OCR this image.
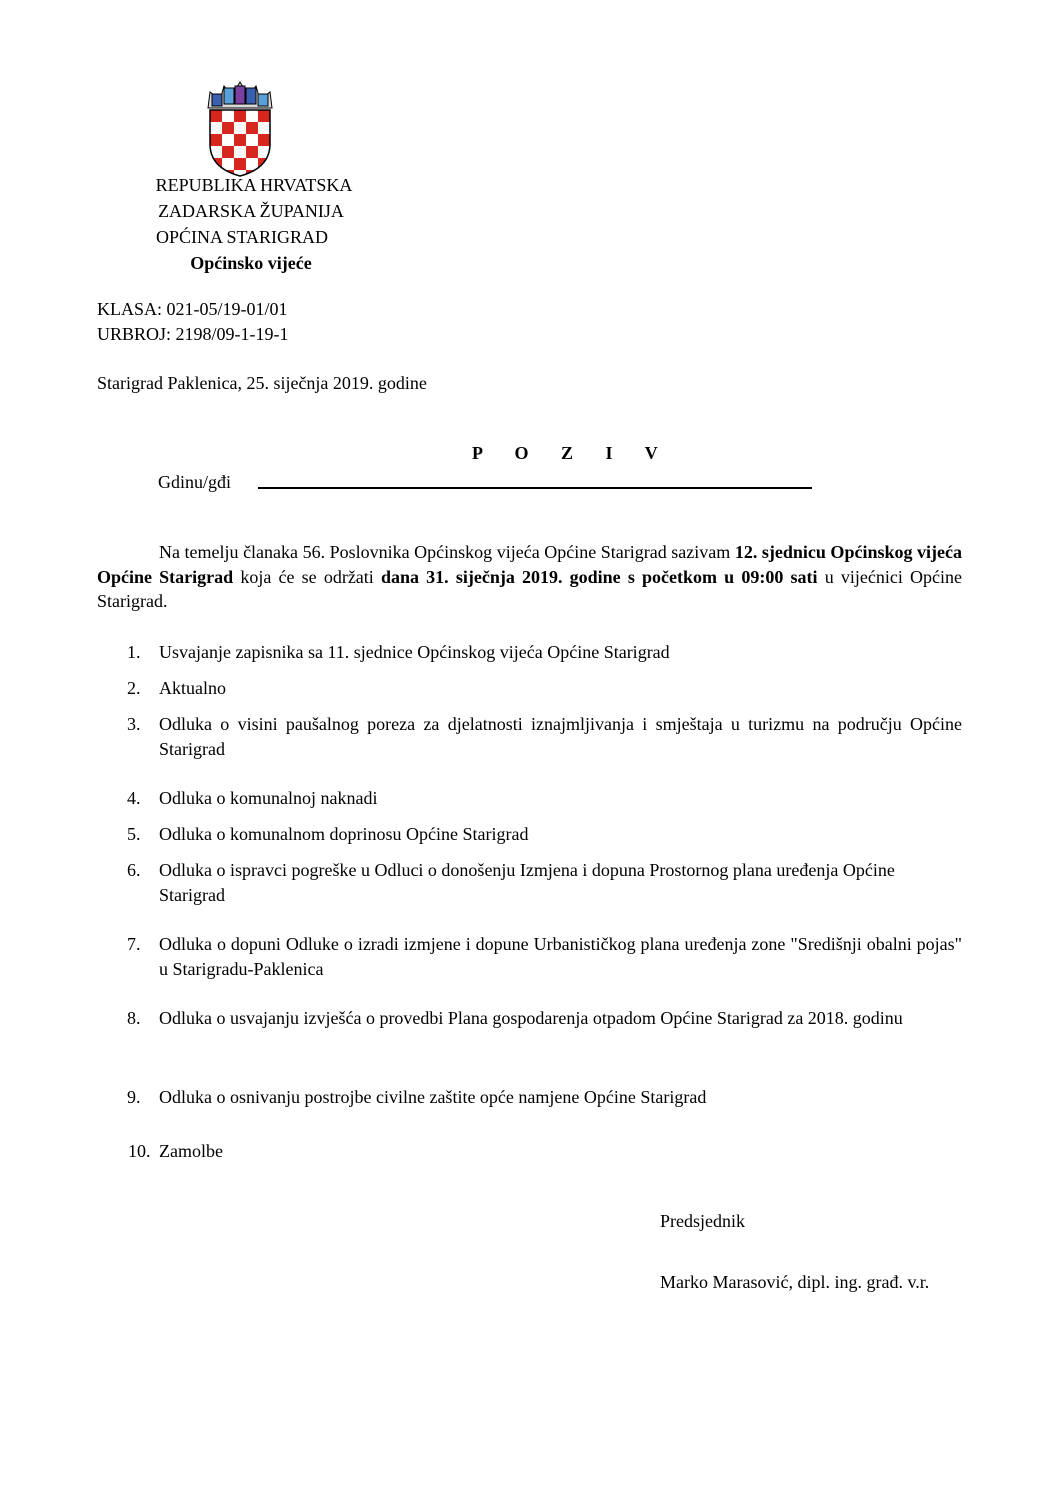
REPUBLIKA HRVATSKA
ZADARSKA ŽUPANIJA
OPĆINA STARIGRAD
Općinsko vijeće
KLASA: 021-05/19-01/01
URBROJ: 2198/09-1-19-1
Starigrad Paklenica, 25. siječnja 2019. godine
P O Z I V
Gdinu/gđi
Na temelju članaka 56. Poslovnika Općinskog vijeća Općine Starigrad sazivam 12. sjednicu Općinskog vijeća Općine Starigrad koja će se održati dana 31. siječnja 2019. godine s početkom u 09:00 sati u vijećnici Općine Starigrad.
1.	Usvajanje zapisnika sa 11. sjednice Općinskog vijeća Općine Starigrad
2.	Aktualno
3.	Odluka o visini paušalnog poreza za djelatnosti iznajmljivanja i smještaja u turizmu na području Općine Starigrad
4.	Odluka o komunalnoj naknadi
5.	Odluka o komunalnom doprinosu Općine Starigrad
6.	Odluka o ispravci pogreške u Odluci o donošenju Izmjena i dopuna Prostornog plana uređenja Općine Starigrad
7.	Odluka o dopuni Odluke o izradi izmjene i dopune Urbanističkog plana uređenja zone "Središnji obalni pojas" u Starigradu-Paklenica
8.	Odluka o usvajanju izvješća o provedbi Plana gospodarenja otpadom Općine Starigrad za 2018. godinu
9.	Odluka o osnivanju postrojbe civilne zaštite opće namjene Općine Starigrad
10. Zamolbe
Predsjednik
Marko Marasović, dipl. ing. građ. v.r.
